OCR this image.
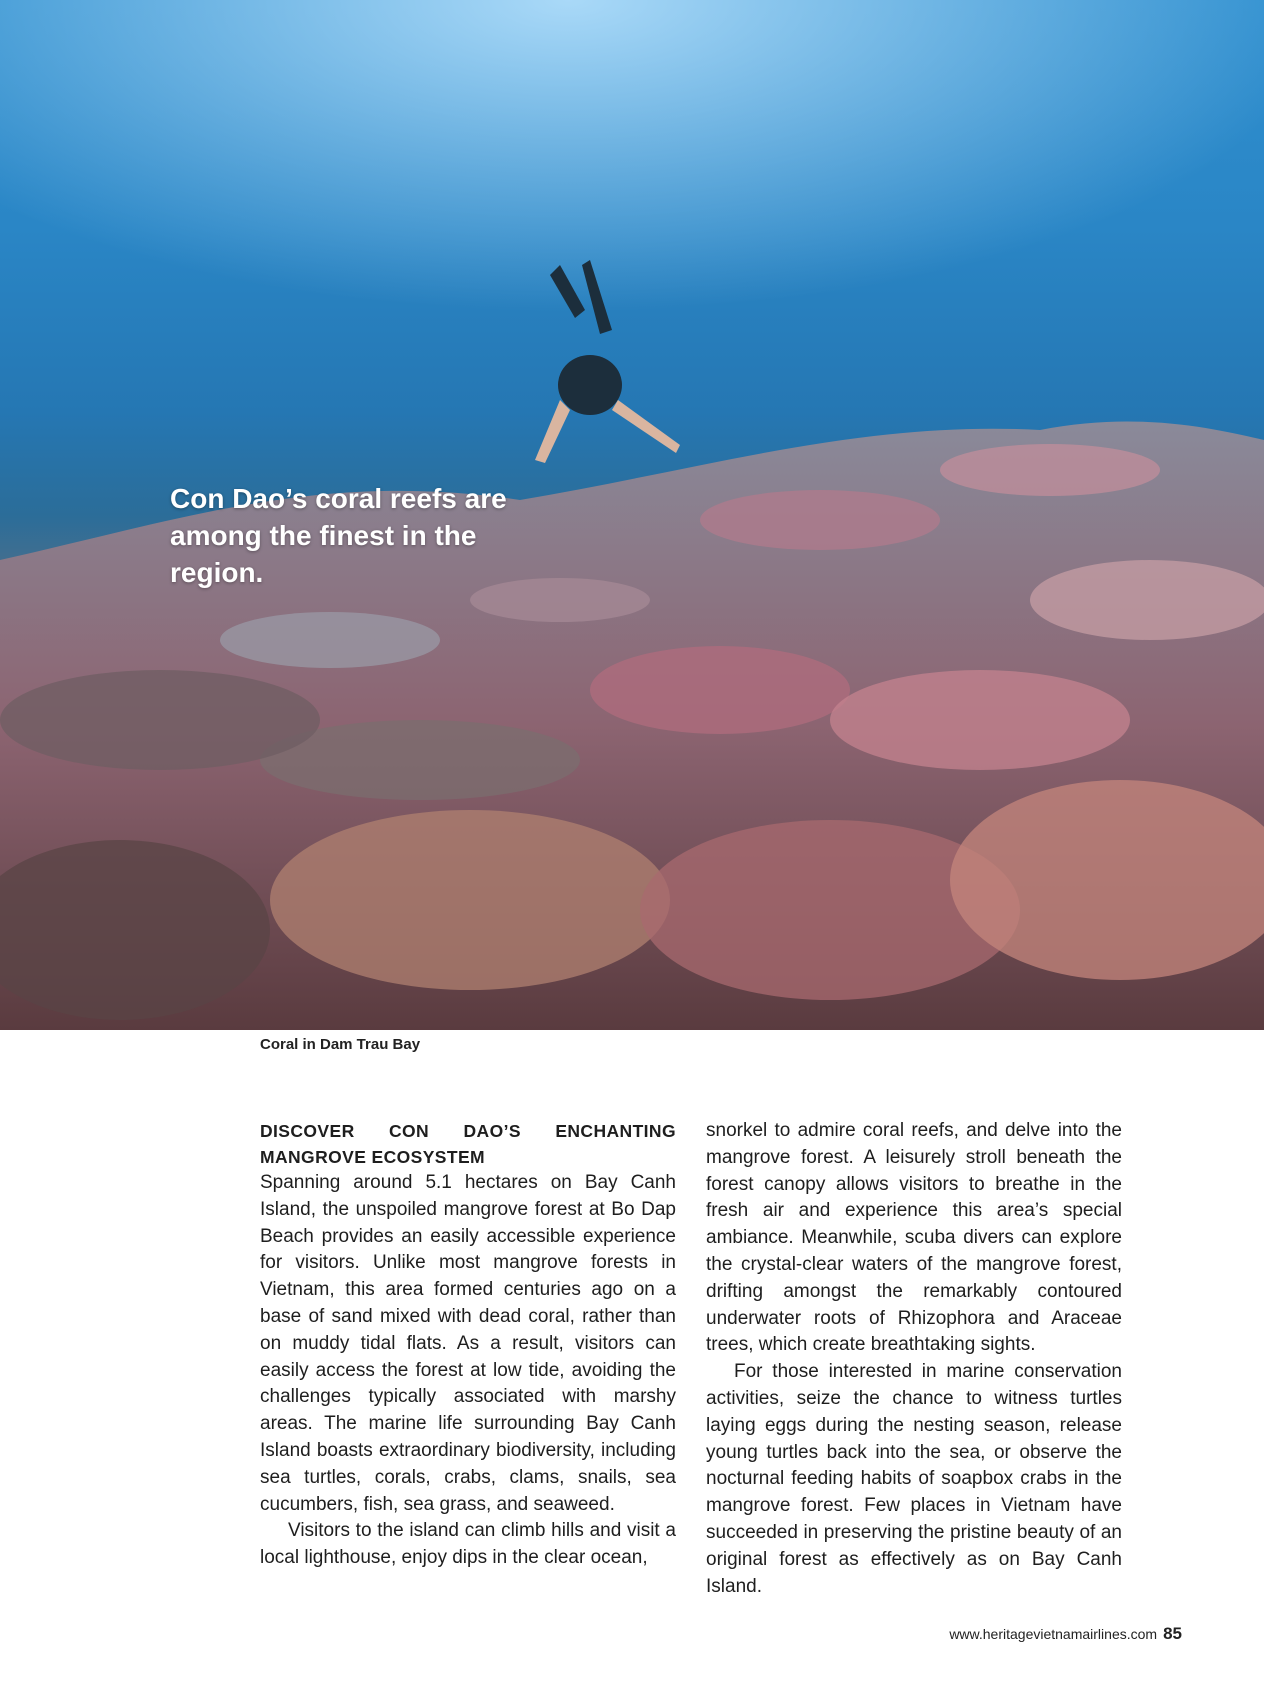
Con Dao’s coral reefs are among the finest in the region.
Coral in Dam Trau Bay

DISCOVER CON DAO’S ENCHANTING MANGROVE ECOSYSTEM

Spanning around 5.1 hectares on Bay Canh Island, the unspoiled mangrove forest at Bo Dap Beach provides an easily accessible experience for visitors. Unlike most mangrove forests in Vietnam, this area formed centuries ago on a base of sand mixed with dead coral, rather than on muddy tidal flats. As a result, visitors can easily access the forest at low tide, avoiding the challenges typically associated with marshy areas. The marine life surrounding Bay Canh Island boasts extraordinary biodiversity, including sea turtles, corals, crabs, clams, snails, sea cucumbers, fish, sea grass, and seaweed.

Visitors to the island can climb hills and visit a local lighthouse, enjoy dips in the clear ocean,

snorkel to admire coral reefs, and delve into the mangrove forest. A leisurely stroll beneath the forest canopy allows visitors to breathe in the fresh air and experience this area’s special ambiance. Meanwhile, scuba divers can explore the crystal-clear waters of the mangrove forest, drifting amongst the remarkably contoured underwater roots of Rhizophora and Araceae trees, which create breathtaking sights.

For those interested in marine conservation activities, seize the chance to witness turtles laying eggs during the nesting season, release young turtles back into the sea, or observe the nocturnal feeding habits of soapbox crabs in the mangrove forest. Few places in Vietnam have succeeded in preserving the pristine beauty of an original forest as effectively as on Bay Canh Island.

www.heritagevietnamairlines.com 85
